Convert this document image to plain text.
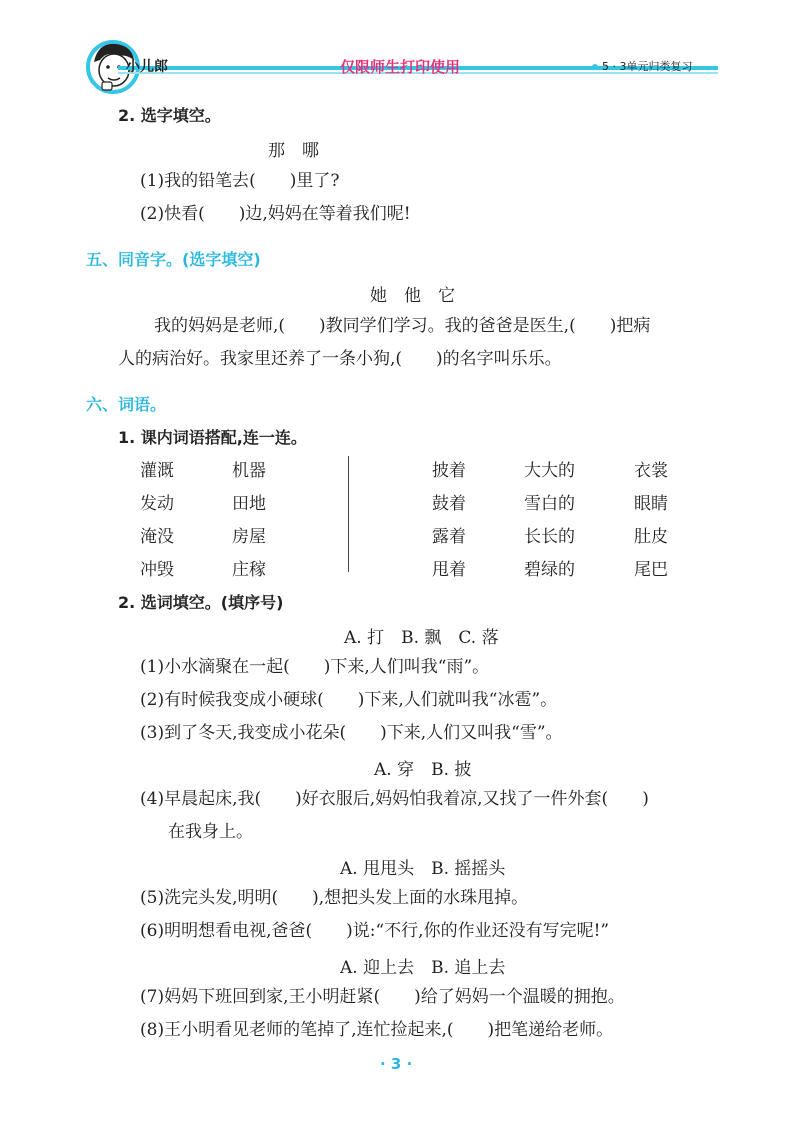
小儿郎	仅限师生打印使用	5 · 3单元归类复习
2. 选字填空。
那　哪
(1)我的铅笔去(　　)里了?
(2)快看(　　)边,妈妈在等着我们呢!
五、同音字。(选字填空)
她　他　它
我的妈妈是老师,(　　)教同学们学习。我的爸爸是医生,(　　)把病
人的病治好。我家里还养了一条小狗,(　　)的名字叫乐乐。
六、词语。
1. 课内词语搭配,连一连。
灌溉
发动
淹没
冲毁
机器
田地
房屋
庄稼
披着
鼓着
露着
甩着
大大的
雪白的
长长的
碧绿的
衣裳
眼睛
肚皮
尾巴
2. 选词填空。(填序号)
A. 打　B. 飘　C. 落
(1)小水滴聚在一起(　　)下来,人们叫我“雨”。
(2)有时候我变成小硬球(　　)下来,人们就叫我“冰雹”。
(3)到了冬天,我变成小花朵(　　)下来,人们又叫我“雪”。
A. 穿　B. 披
(4)早晨起床,我(　　)好衣服后,妈妈怕我着凉,又找了一件外套(　　)
在我身上。
A. 甩甩头　B. 摇摇头
(5)洗完头发,明明(　　),想把头发上面的水珠甩掉。
(6)明明想看电视,爸爸(　　)说:“不行,你的作业还没有写完呢!”
A. 迎上去　B. 追上去
(7)妈妈下班回到家,王小明赶紧(　　)给了妈妈一个温暖的拥抱。
(8)王小明看见老师的笔掉了,连忙捡起来,(　　)把笔递给老师。
· 3 ·
